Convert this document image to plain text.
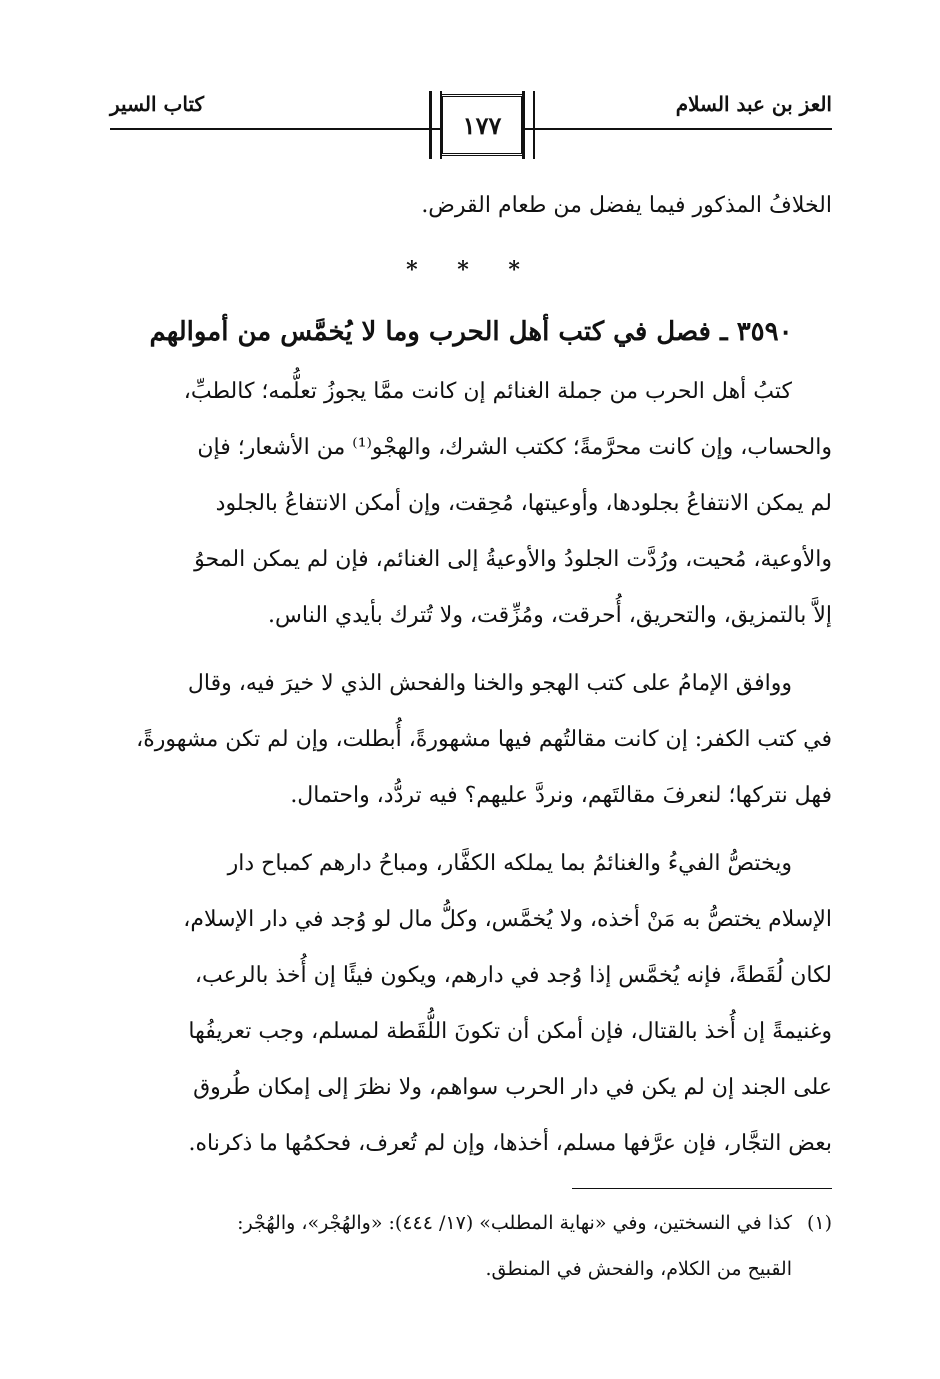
العز بن عبد السلام
كتاب السير
١٧٧
الخلافُ المذكور فيما يفضل من طعام القرض.
* * *
٣٥٩٠ ـ فصل في كتب أهل الحرب وما لا يُخمَّس من أموالهم
كتبُ أهل الحرب من جملة الغنائم إن كانت ممَّا يجوزُ تعلُّمه؛ كالطبِّ،
والحساب، وإن كانت محرَّمةً؛ ككتب الشرك، والهجْو⁽¹⁾ من الأشعار؛ فإن
لم يمكن الانتفاعُ بجلودها، وأوعيتها، مُحِقت، وإن أمكن الانتفاعُ بالجلود
والأوعية، مُحيت، ورُدَّت الجلودُ والأوعيةُ إلى الغنائم، فإن لم يمكن المحوُ
إلاَّ بالتمزيق، والتحريق، أُحرقت، ومُزِّقت، ولا تُترك بأيدي الناس.
ووافق الإمامُ على كتب الهجو والخنا والفحش الذي لا خيرَ فيه، وقال
في كتب الكفر: إن كانت مقالتُهم فيها مشهورةً، أُبطلت، وإن لم تكن مشهورةً،
فهل نتركها؛ لنعرفَ مقالتَهم، ونردَّ عليهم؟ فيه تردُّد، واحتمال.
ويختصُّ الفيءُ والغنائمُ بما يملكه الكفَّار، ومباحُ دارهم كمباح دار
الإسلام يختصُّ به مَنْ أخذه، ولا يُخمَّس، وكلُّ مال لو وُجد في دار الإسلام،
لكان لُقَطةً، فإنه يُخمَّس إذا وُجد في دارهم، ويكون فيئًا إن أُخذ بالرعب،
وغنيمةً إن أُخذ بالقتال، فإن أمكن أن تكونَ اللُّقَطة لمسلم، وجب تعريفُها
على الجند إن لم يكن في دار الحرب سواهم، ولا نظرَ إلى إمكان طُروق
بعض التجَّار، فإن عرَّفها مسلم، أخذها، وإن لم تُعرف، فحكمُها ما ذكرناه.
(١)
كذا في النسختين، وفي «نهاية المطلب» (١٧/ ٤٤٤): «والهُجْر»، والهُجْر:
القبيح من الكلام، والفحش في المنطق.
